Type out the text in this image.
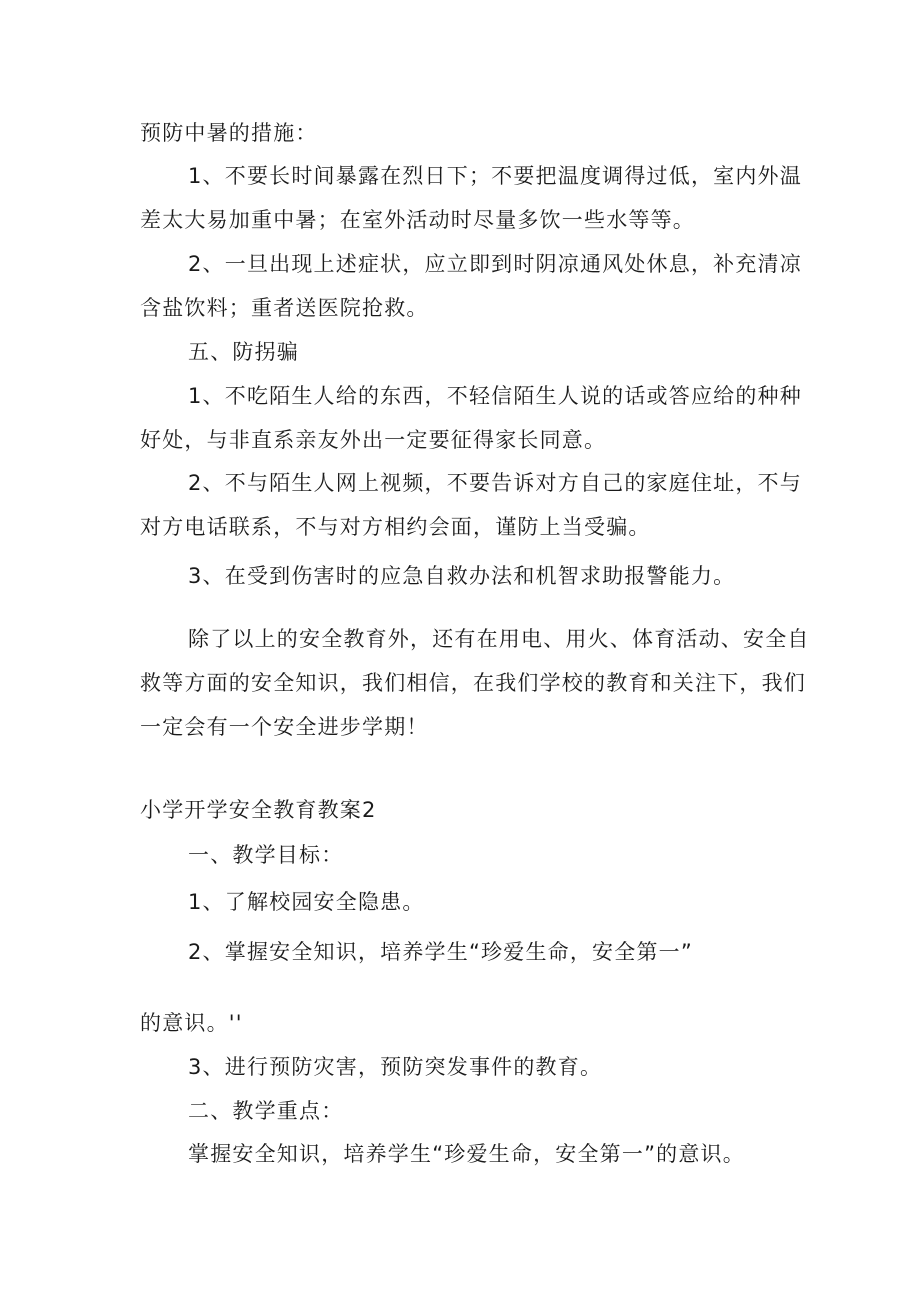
预防中暑的措施：
1、不要长时间暴露在烈日下；不要把温度调得过低，室内外温
差太大易加重中暑；在室外活动时尽量多饮一些水等等。
2、一旦出现上述症状，应立即到时阴凉通风处休息，补充清凉
含盐饮料；重者送医院抢救。
五、防拐骗
1、不吃陌生人给的东西，不轻信陌生人说的话或答应给的种种
好处，与非直系亲友外出一定要征得家长同意。
2、不与陌生人网上视频，不要告诉对方自己的家庭住址，不与
对方电话联系，不与对方相约会面，谨防上当受骗。
3、在受到伤害时的应急自救办法和机智求助报警能力。
除了以上的安全教育外，还有在用电、用火、体育活动、安全自
救等方面的安全知识，我们相信，在我们学校的教育和关注下，我们
一定会有一个安全进步学期！
小学开学安全教育教案2
一、教学目标：
1、了解校园安全隐患。
2、掌握安全知识，培养学生“珍爱生命，安全第一”
的意识。''
3、进行预防灾害，预防突发事件的教育。
二、教学重点：
掌握安全知识，培养学生“珍爱生命，安全第一”的意识。
